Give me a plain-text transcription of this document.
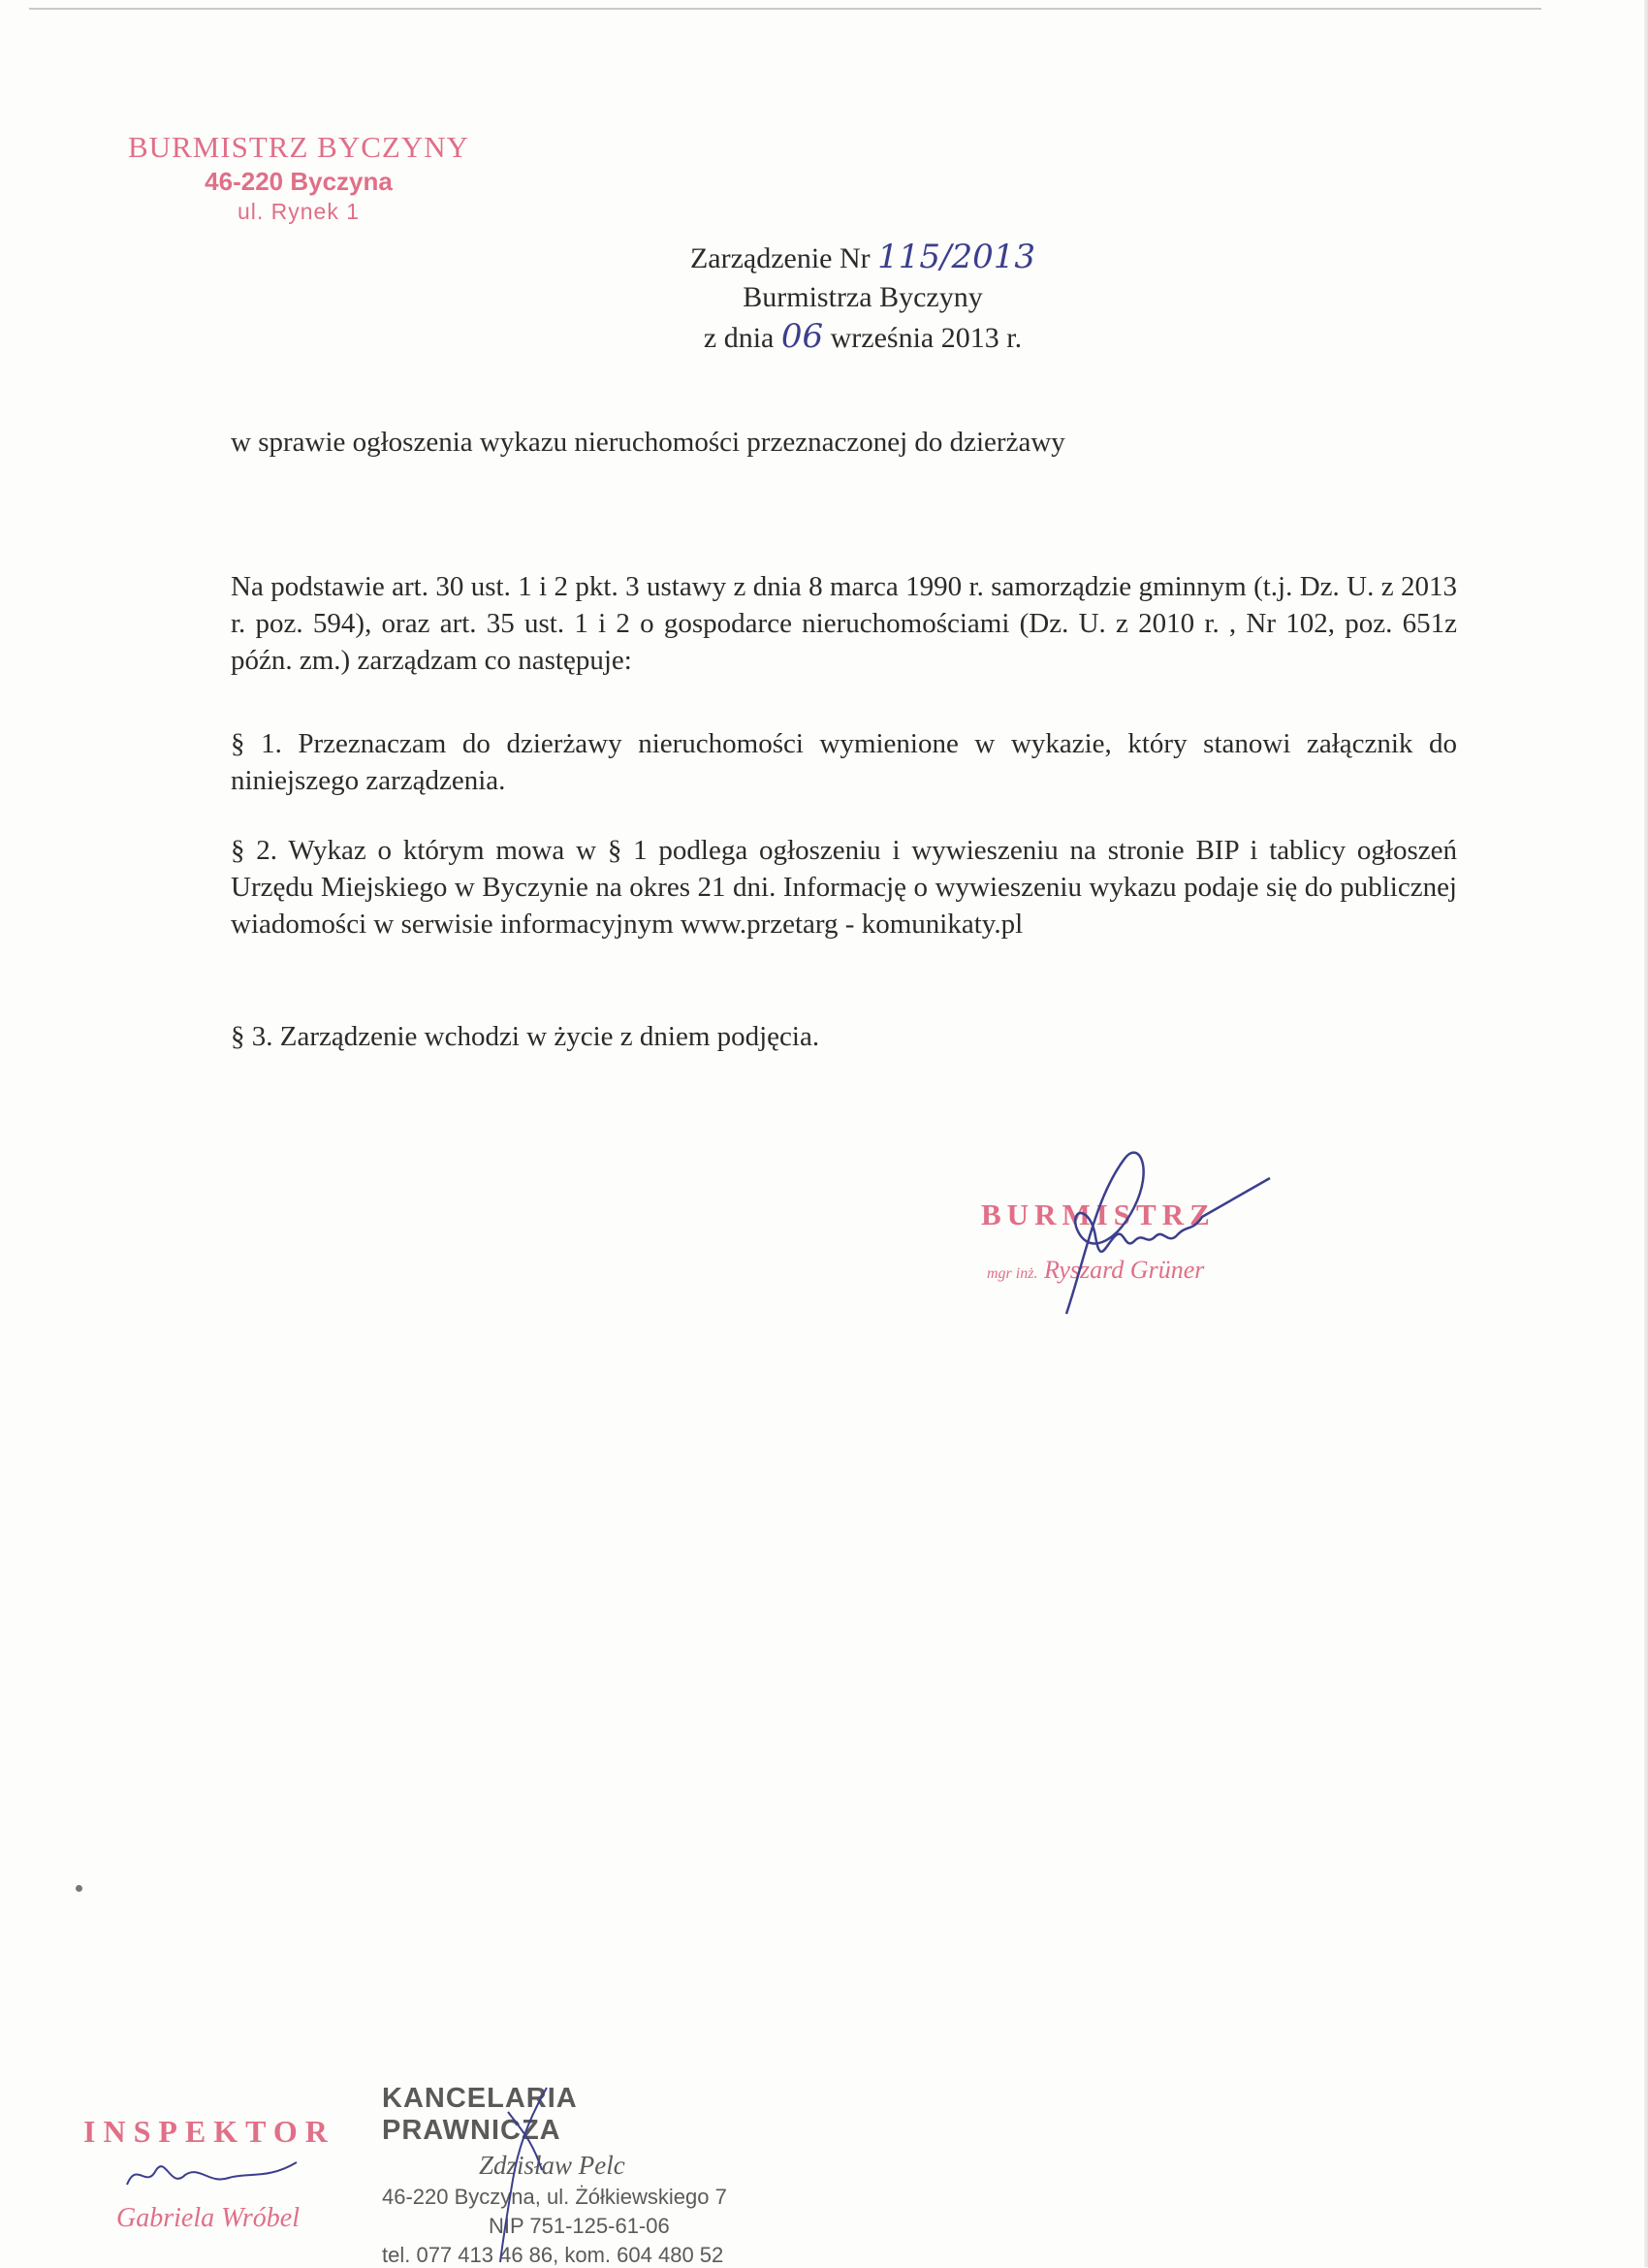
BURMISTRZ BYCZYNY
46-220 Byczyna
ul. Rynek 1
Zarządzenie Nr 115/2013
Burmistrza Byczyny
z dnia 06 września 2013 r.
w sprawie ogłoszenia wykazu nieruchomości przeznaczonej do dzierżawy
Na podstawie art. 30 ust. 1 i 2 pkt. 3 ustawy z dnia 8 marca 1990 r. samorządzie gminnym (t.j. Dz. U. z 2013 r. poz. 594), oraz art. 35 ust. 1 i 2 o gospodarce nieruchomościami (Dz. U. z 2010 r. , Nr 102, poz. 651z późn. zm.) zarządzam co następuje:
§ 1. Przeznaczam do dzierżawy nieruchomości wymienione w wykazie, który stanowi załącznik do niniejszego zarządzenia.
§ 2. Wykaz o którym mowa w § 1 podlega ogłoszeniu i wywieszeniu na stronie BIP i tablicy ogłoszeń Urzędu Miejskiego w Byczynie na okres 21 dni. Informację o wywieszeniu wykazu podaje się do publicznej wiadomości w serwisie informacyjnym www.przetarg - komunikaty.pl
§ 3. Zarządzenie wchodzi w życie z dniem podjęcia.
BURMISTRZ
mgr inż. Ryszard Grüner
INSPEKTOR
Gabriela Wróbel
KANCELARIA PRAWNICZA
Zdzisław Pelc
46-220 Byczyna, ul. Żółkiewskiego 7
NIP 751-125-61-06
tel. 077 413 46 86, kom. 604 480 52
